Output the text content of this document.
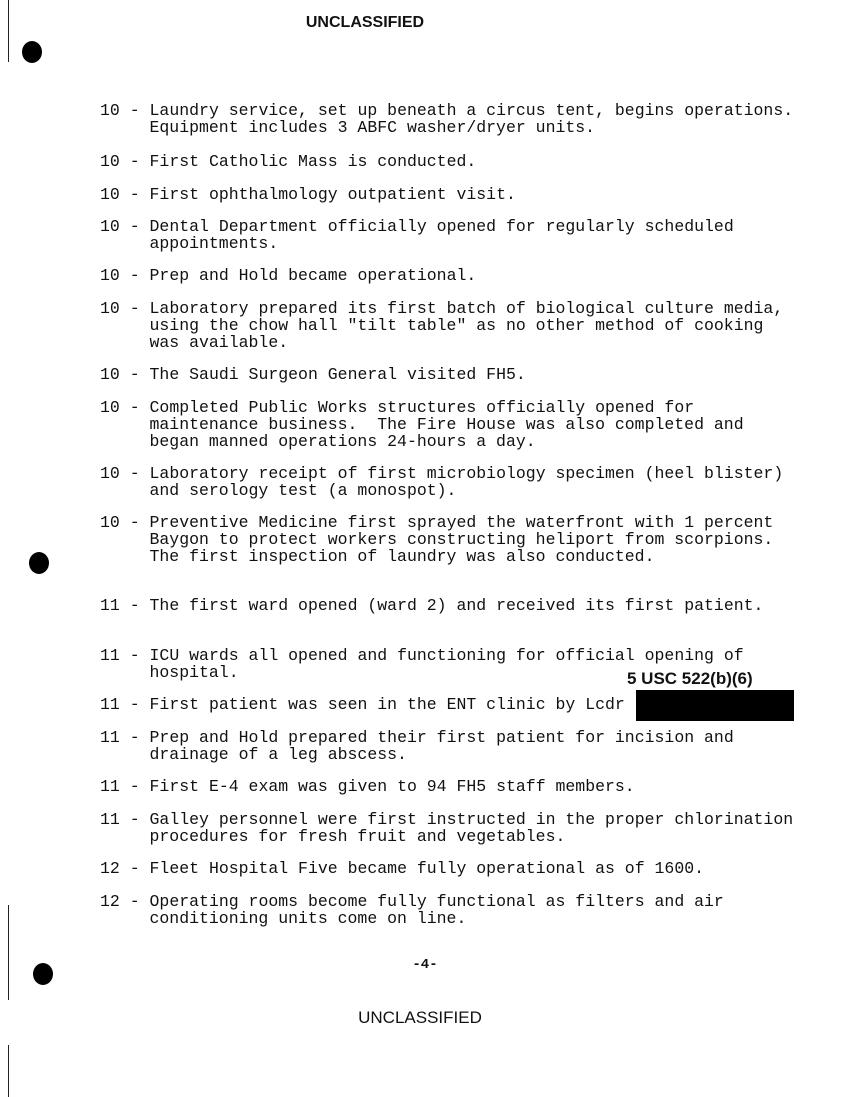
UNCLASSIFIED
10 - Laundry service, set up beneath a circus tent, begins operations.  Equipment includes 3 ABFC washer/dryer units.
10 - First Catholic Mass is conducted.
10 - First ophthalmology outpatient visit.
10 - Dental Department officially opened for regularly scheduled appointments.
10 - Prep and Hold became operational.
10 - Laboratory prepared its first batch of biological culture media, using the chow hall "tilt table" as no other method of cooking was available.
10 - The Saudi Surgeon General visited FH5.
10 - Completed Public Works structures officially opened for maintenance business.  The Fire House was also completed and began manned operations 24-hours a day.
10 - Laboratory receipt of first microbiology specimen (heel blister) and serology test (a monospot).
10 - Preventive Medicine first sprayed the waterfront with 1 percent Baygon to protect workers constructing heliport from scorpions.  The first inspection of laundry was also conducted.
11 - The first ward opened (ward 2) and received its first patient.
11 - ICU wards all opened and functioning for official opening of hospital.
11 - First patient was seen in the ENT clinic by Lcdr
11 - Prep and Hold prepared their first patient for incision and drainage of a leg abscess.
11 - First E-4 exam was given to 94 FH5 staff members.
11 - Galley personnel were first instructed in the proper chlorination procedures for fresh fruit and vegetables.
12 - Fleet Hospital Five became fully operational as of 1600.
12 - Operating rooms become fully functional as filters and air conditioning units come on line.
5 USC 522(b)(6)
-4-
UNCLASSIFIED
